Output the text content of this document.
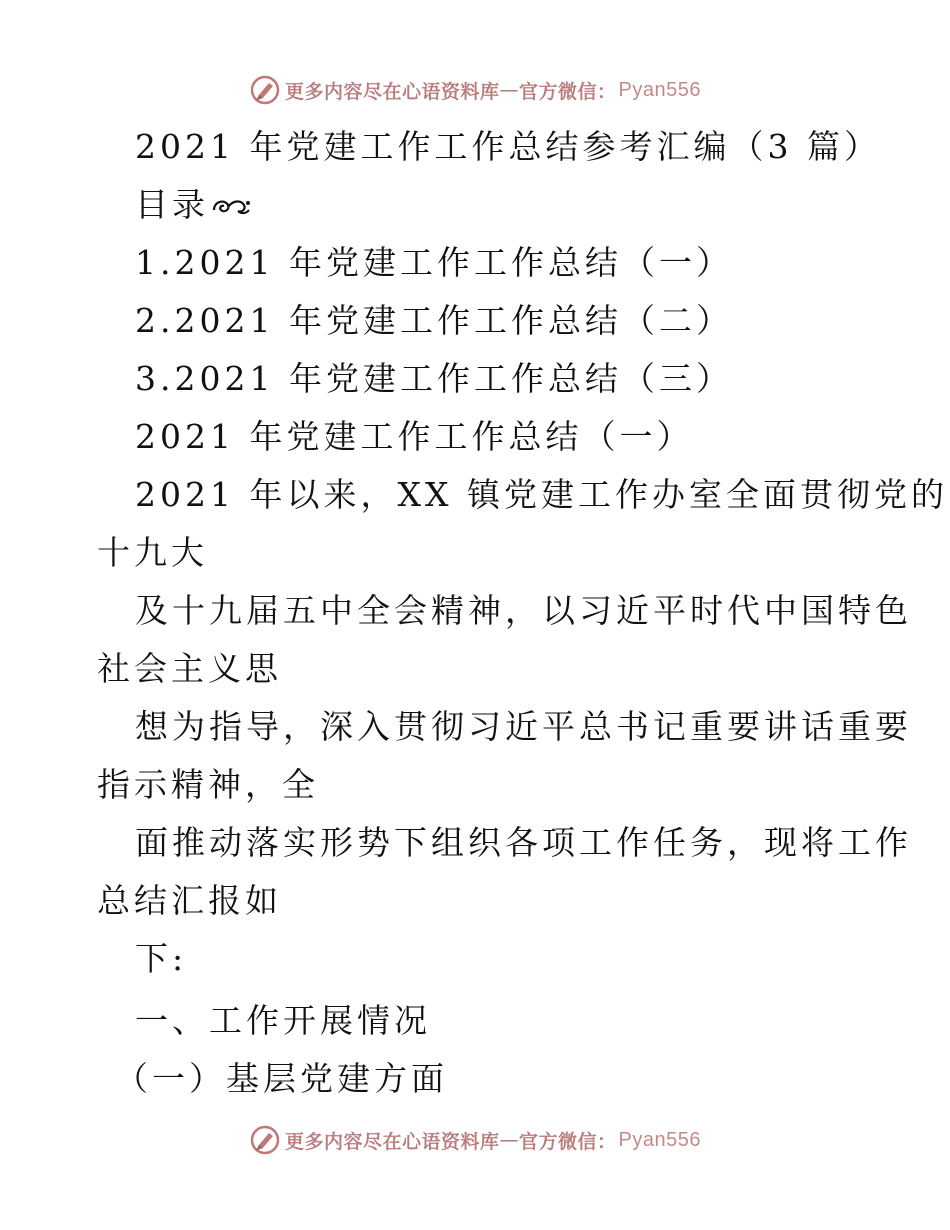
更多内容尽在心语资料库 — 官方微信： Pyan556
2021 年党建工作工作总结参考汇编（3 篇）
目录
1.2021 年党建工作工作总结（一）
2.2021 年党建工作工作总结（二）
3.2021 年党建工作工作总结（三）
2021 年党建工作工作总结（一）
2021 年以来，XX 镇党建工作办室全面贯彻党的
十九大
及十九届五中全会精神，以习近平时代中国特色
社会主义思
想为指导，深入贯彻习近平总书记重要讲话重要
指示精神，全
面推动落实形势下组织各项工作任务，现将工作
总结汇报如
下:
一、工作开展情况
（一）基层党建方面
更多内容尽在心语资料库 — 官方微信： Pyan556
